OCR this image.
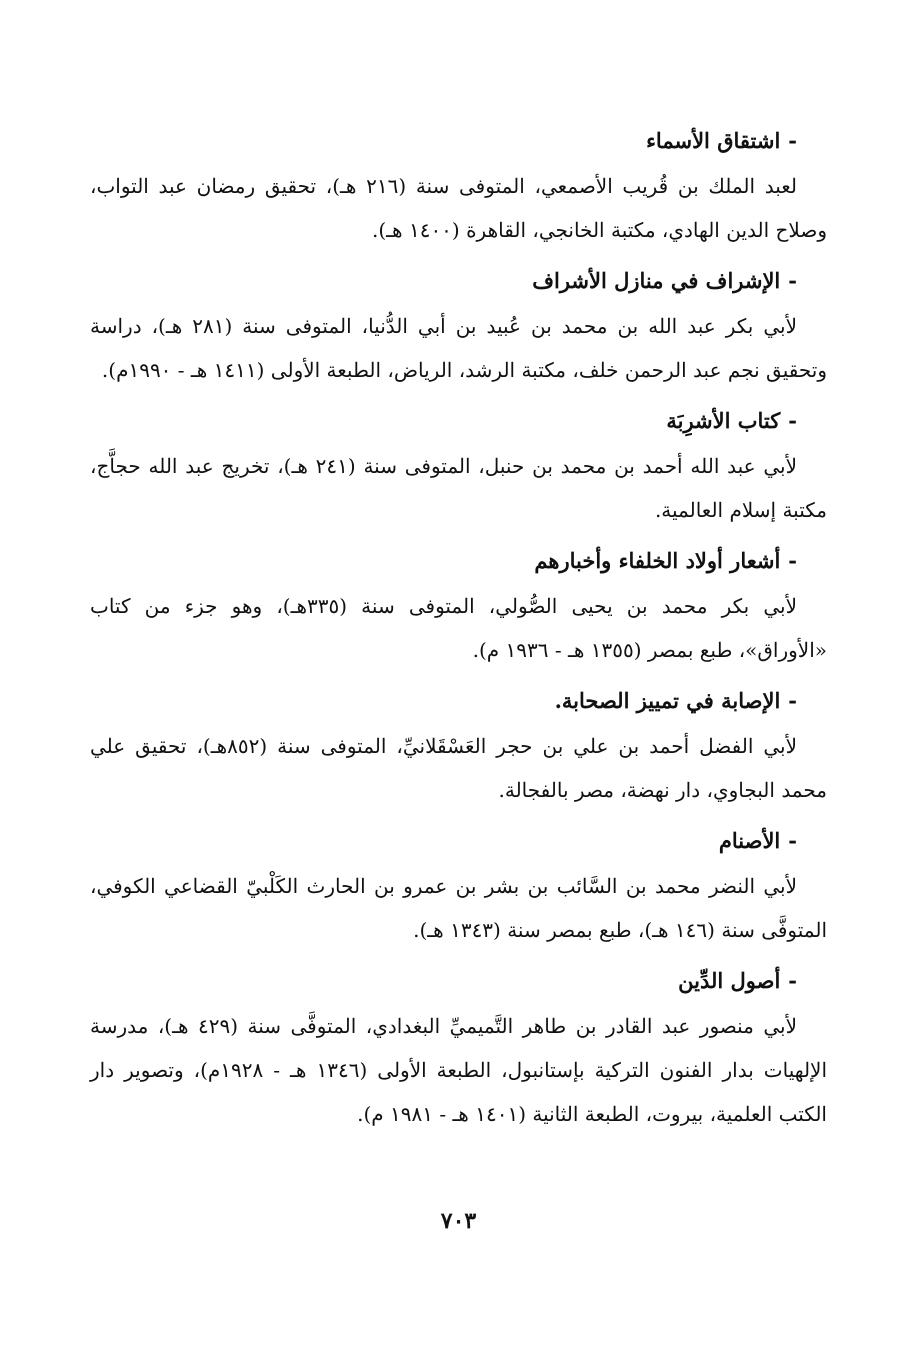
-اشتقاق الأسماء

لعبد الملك بن قُريب الأصمعي، المتوفى سنة (٢١٦ هـ)، تحقيق رمضان عبد التواب، وصلاح الدين الهادي، مكتبة الخانجي، القاهرة (١٤٠٠ هـ).

-الإشراف في منازل الأشراف

لأبي بكر عبد الله بن محمد بن عُبيد بن أبي الدُّنيا، المتوفى سنة (٢٨١ هـ)، دراسة وتحقيق نجم عبد الرحمن خلف، مكتبة الرشد، الرياض، الطبعة الأولى (١٤١١ هـ - ١٩٩٠م).

-كتاب الأشرِبَة

لأبي عبد الله أحمد بن محمد بن حنبل، المتوفى سنة (٢٤١ هـ)، تخريج عبد الله حجاَّج، مكتبة إسلام العالمية.

-أشعار أولاد الخلفاء وأخبارهم

لأبي بكر محمد بن يحيى الصُّولي، المتوفى سنة (٣٣٥هـ)، وهو جزء من كتاب «الأوراق»، طبع بمصر (١٣٥٥ هـ - ١٩٣٦ م).

-الإصابة في تمييز الصحابة.

لأبي الفضل أحمد بن علي بن حجر العَسْقَلانيِّ، المتوفى سنة (٨٥٢هـ)، تحقيق علي محمد البجاوي، دار نهضة، مصر بالفجالة.

-الأصنام

لأبي النضر محمد بن السَّائب بن بشر بن عمرو بن الحارث الكَلْبيّ القضاعي الكوفي، المتوفَّى سنة (١٤٦ هـ)، طبع بمصر سنة (١٣٤٣ هـ).

-أصول الدِّين

لأبي منصور عبد القادر بن طاهر التَّميميِّ البغدادي، المتوفَّى سنة (٤٢٩ هـ)، مدرسة الإلهيات بدار الفنون التركية بإستانبول، الطبعة الأولى (١٣٤٦ هـ - ١٩٢٨م)، وتصوير دار الكتب العلمية، بيروت، الطبعة الثانية (١٤٠١ هـ - ١٩٨١ م).

٧٠٣
